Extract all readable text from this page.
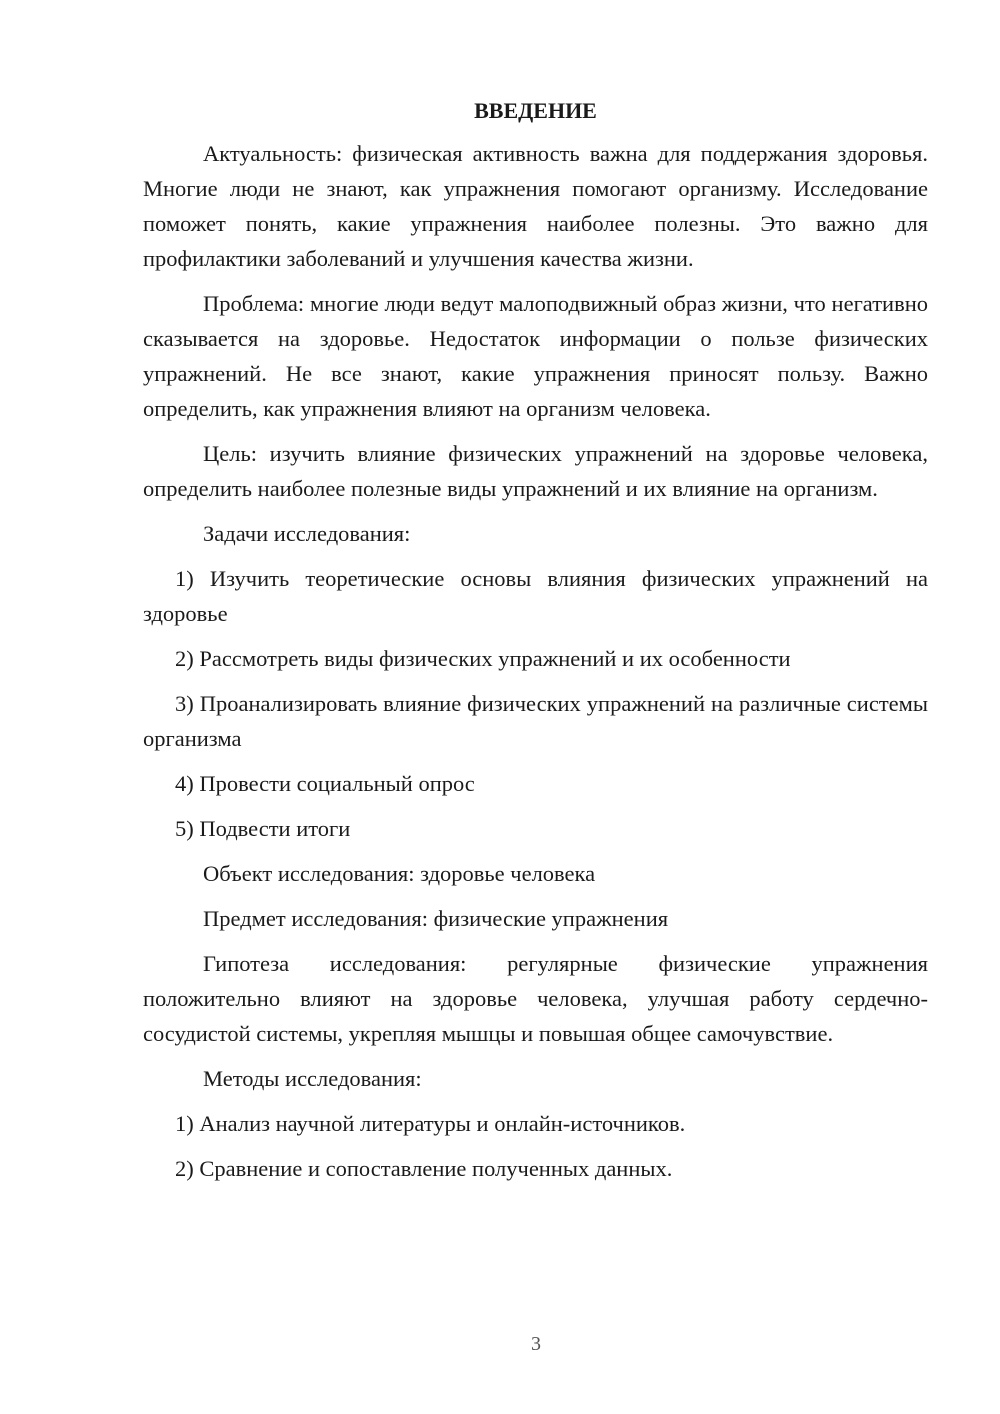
ВВЕДЕНИЕ
Актуальность: физическая активность важна для поддержания здоровья. Многие люди не знают, как упражнения помогают организму. Исследование поможет понять, какие упражнения наиболее полезны. Это важно для профилактики заболеваний и улучшения качества жизни.
Проблема: многие люди ведут малоподвижный образ жизни, что негативно сказывается на здоровье. Недостаток информации о пользе физических упражнений. Не все знают, какие упражнения приносят пользу. Важно определить, как упражнения влияют на организм человека.
Цель: изучить влияние физических упражнений на здоровье человека, определить наиболее полезные виды упражнений и их влияние на организм.
Задачи исследования:
1) Изучить теоретические основы влияния физических упражнений на здоровье
2) Рассмотреть виды физических упражнений и их особенности
3) Проанализировать влияние физических упражнений на различные системы организма
4) Провести социальный опрос
5) Подвести итоги
Объект исследования: здоровье человека
Предмет исследования: физические упражнения
Гипотеза исследования: регулярные физические упражнения положительно влияют на здоровье человека, улучшая работу сердечно-сосудистой системы, укрепляя мышцы и повышая общее самочувствие.
Методы исследования:
1) Анализ научной литературы и онлайн-источников.
2) Сравнение и сопоставление полученных данных.
3
